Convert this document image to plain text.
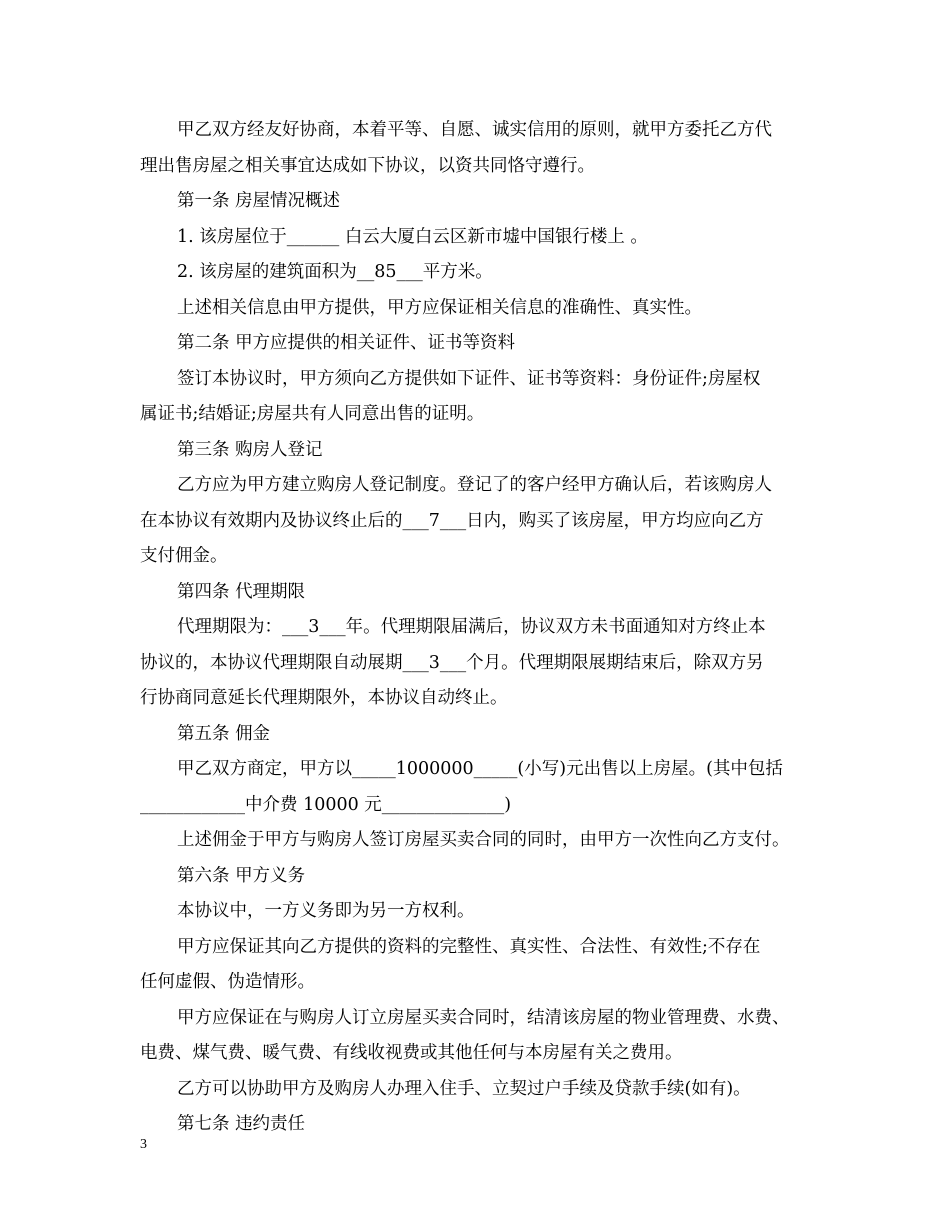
甲乙双方经友好协商，本着平等、自愿、诚实信用的原则，就甲方委托乙方代
理出售房屋之相关事宜达成如下协议，以资共同恪守遵行。
第一条 房屋情况概述
1. 该房屋位于______ 白云大厦白云区新市墟中国银行楼上 。
2. 该房屋的建筑面积为__85___平方米。
上述相关信息由甲方提供，甲方应保证相关信息的准确性、真实性。
第二条 甲方应提供的相关证件、证书等资料
签订本协议时，甲方须向乙方提供如下证件、证书等资料：身份证件;房屋权
属证书;结婚证;房屋共有人同意出售的证明。
第三条 购房人登记
乙方应为甲方建立购房人登记制度。登记了的客户经甲方确认后，若该购房人
在本协议有效期内及协议终止后的___7___日内，购买了该房屋，甲方均应向乙方
支付佣金。
第四条 代理期限
代理期限为：___3___年。代理期限届满后，协议双方未书面通知对方终止本
协议的，本协议代理期限自动展期___3___个月。代理期限展期结束后，除双方另
行协商同意延长代理期限外，本协议自动终止。
第五条 佣金
甲乙双方商定，甲方以_____1000000_____(小写)元出售以上房屋。(其中包括
____________中介费 10000 元______________)
上述佣金于甲方与购房人签订房屋买卖合同的同时，由甲方一次性向乙方支付。
第六条 甲方义务
本协议中，一方义务即为另一方权利。
甲方应保证其向乙方提供的资料的完整性、真实性、合法性、有效性;不存在
任何虚假、伪造情形。
甲方应保证在与购房人订立房屋买卖合同时，结清该房屋的物业管理费、水费、
电费、煤气费、暖气费、有线收视费或其他任何与本房屋有关之费用。
乙方可以协助甲方及购房人办理入住手、立契过户手续及贷款手续(如有)。
第七条 违约责任
3
